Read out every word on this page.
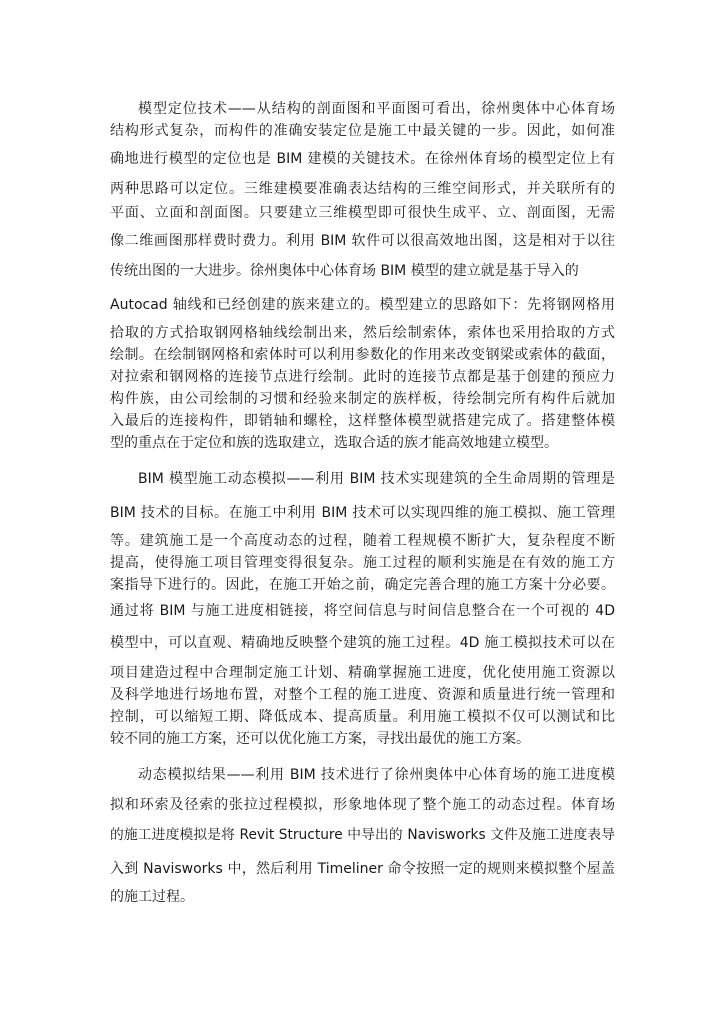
模型定位技术——从结构的剖面图和平面图可看出，徐州奥体中心体育场
结构形式复杂，而构件的准确安装定位是施工中最关键的一步。因此，如何准
确地进行模型的定位也是 BIM 建模的关键技术。在徐州体育场的模型定位上有
两种思路可以定位。三维建模要准确表达结构的三维空间形式，并关联所有的
平面、立面和剖面图。只要建立三维模型即可很快生成平、立、剖面图，无需
像二维画图那样费时费力。利用 BIM 软件可以很高效地出图，这是相对于以往
传统出图的一大进步。徐州奥体中心体育场 BIM 模型的建立就是基于导入的
Autocad 轴线和已经创建的族来建立的。模型建立的思路如下：先将钢网格用
拾取的方式拾取钢网格轴线绘制出来，然后绘制索体，索体也采用拾取的方式
绘制。在绘制钢网格和索体时可以利用参数化的作用来改变钢梁或索体的截面，
对拉索和钢网格的连接节点进行绘制。此时的连接节点都是基于创建的预应力
构件族，由公司绘制的习惯和经验来制定的族样板，待绘制完所有构件后就加
入最后的连接构件，即销轴和螺栓，这样整体模型就搭建完成了。搭建整体模
型的重点在于定位和族的选取建立，选取合适的族才能高效地建立模型。
BIM 模型施工动态模拟——利用 BIM 技术实现建筑的全生命周期的管理是
BIM 技术的目标。在施工中利用 BIM 技术可以实现四维的施工模拟、施工管理
等。建筑施工是一个高度动态的过程，随着工程规模不断扩大，复杂程度不断
提高，使得施工项目管理变得很复杂。施工过程的顺利实施是在有效的施工方
案指导下进行的。因此，在施工开始之前，确定完善合理的施工方案十分必要。
通过将 BIM 与施工进度相链接，将空间信息与时间信息整合在一个可视的 4D
模型中，可以直观、精确地反映整个建筑的施工过程。4D 施工模拟技术可以在
项目建造过程中合理制定施工计划、精确掌握施工进度，优化使用施工资源以
及科学地进行场地布置，对整个工程的施工进度、资源和质量进行统一管理和
控制，可以缩短工期、降低成本、提高质量。利用施工模拟不仅可以测试和比
较不同的施工方案，还可以优化施工方案，寻找出最优的施工方案。
动态模拟结果——利用 BIM 技术进行了徐州奥体中心体育场的施工进度模
拟和环索及径索的张拉过程模拟，形象地体现了整个施工的动态过程。体育场
的施工进度模拟是将 Revit Structure 中导出的 Navisworks 文件及施工进度表导
入到 Navisworks 中，然后利用 Timeliner 命令按照一定的规则来模拟整个屋盖
的施工过程。
